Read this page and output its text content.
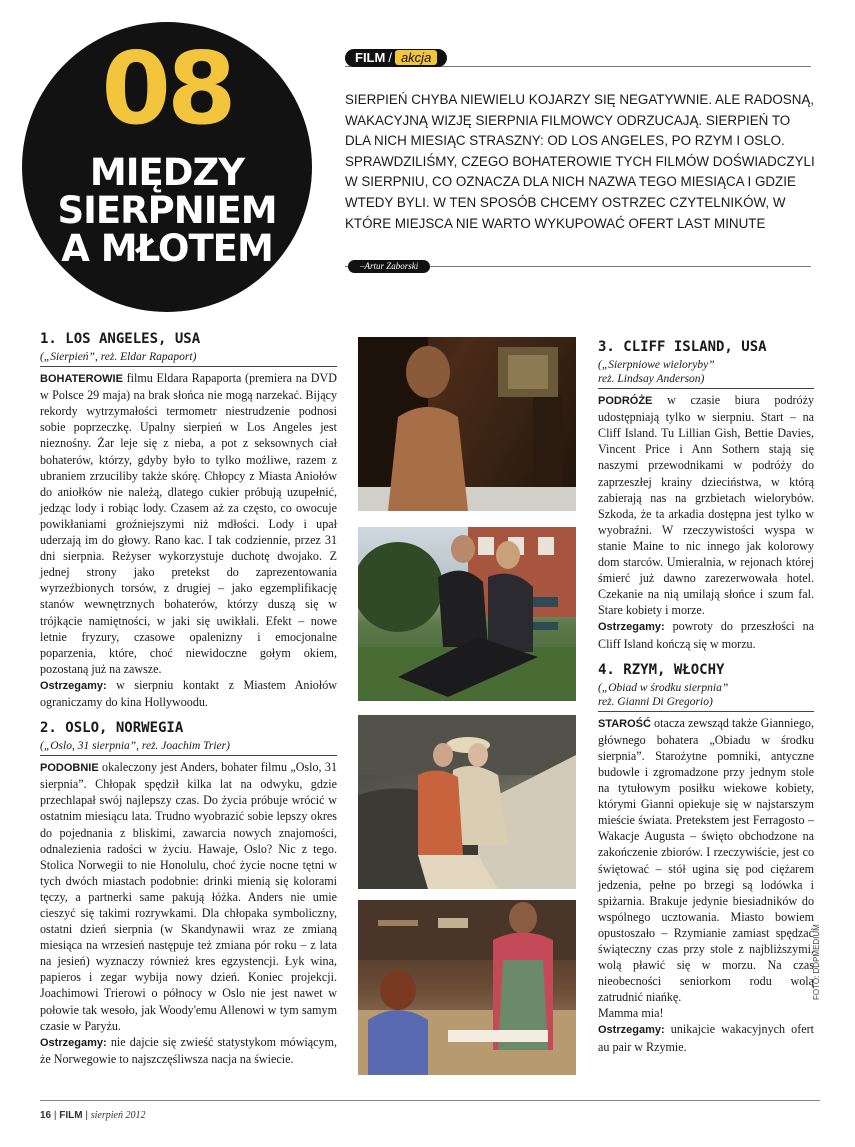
08
MIĘDZY
SIERPNIEM
A MŁOTEM
FILM / akcja
SIERPIEŃ CHYBA NIEWIELU KOJARZY SIĘ NEGATYWNIE. ALE RADOSNĄ, WAKACYJNĄ WIZJĘ SIERPNIA FILMOWCY ODRZUCAJĄ. SIERPIEŃ TO DLA NICH MIESIĄC STRASZNY: OD LOS ANGELES, PO RZYM I OSLO. SPRAWDZILIŚMY, CZEGO BOHATEROWIE TYCH FILMÓW DOŚWIADCZYLI W SIERPNIU, CO OZNACZA DLA NICH NAZWA TEGO MIESIĄCA I GDZIE WTEDY BYLI. W TEN SPOSÓB CHCEMY OSTRZEC CZYTELNIKÓW, W KTÓRE MIEJSCA NIE WARTO WYKUPOWAĆ OFERT LAST MINUTE
–Artur Zaborski
1. LOS ANGELES, USA
(„Sierpień”, reż. Eldar Rapaport)

BOHATEROWIE filmu Eldara Rapaporta (premiera na DVD w Polsce 29 maja) na brak słońca nie mogą narzekać. Bijący rekordy wytrzymałości termometr niestrudzenie podnosi sobie poprzeczkę. Upalny sierpień w Los Angeles jest nieznośny. Żar leje się z nieba, a pot z seksownych ciał bohaterów, którzy, gdyby było to tylko możliwe, razem z ubraniem zrzuciliby także skórę. Chłopcy z Miasta Aniołów do aniołków nie należą, dlatego cukier próbują uzupełnić, jedząc lody i robiąc lody. Czasem aż za często, co owocuje powikłaniami groźniejszymi niż mdłości. Lody i upał uderzają im do głowy. Rano kac. I tak codziennie, przez 31 dni sierpnia. Reżyser wykorzystuje duchotę dwojako. Z jednej strony jako pretekst do zaprezentowania wyrzeźbionych torsów, z drugiej – jako egzemplifikację stanów wewnętrznych bohaterów, którzy duszą się w trójkącie namiętności, w jaki się uwikłali. Efekt – nowe letnie fryzury, czasowe opalenizny i emocjonalne poparzenia, które, choć niewidoczne gołym okiem, pozostaną już na zawsze.

Ostrzegamy: w sierpniu kontakt z Miastem Aniołów ograniczamy do kina Hollywoodu.

2. OSLO, NORWEGIA
(„Oslo, 31 sierpnia”, reż. Joachim Trier)

PODOBNIE okaleczony jest Anders, bohater filmu „Oslo, 31 sierpnia”. Chłopak spędził kilka lat na odwyku, gdzie przechlapał swój najlepszy czas. Do życia próbuje wrócić w ostatnim miesiącu lata. Trudno wyobrazić sobie lepszy okres do pojednania z bliskimi, zawarcia nowych znajomości, odnalezienia radości w życiu. Hawaje, Oslo? Nic z tego. Stolica Norwegii to nie Honolulu, choć życie nocne tętni w tych dwóch miastach podobnie: drinki mienią się kolorami tęczy, a partnerki same pakują łóżka. Anders nie umie cieszyć się takimi rozrywkami. Dla chłopaka symboliczny, ostatni dzień sierpnia (w Skandynawii wraz ze zmianą miesiąca na wrzesień następuje też zmiana pór roku – z lata na jesień) wyznaczy również kres egzystencji. Łyk wina, papieros i zegar wybija nowy dzień. Koniec projekcji. Joachimowi Trierowi o północy w Oslo nie jest nawet w połowie tak wesoło, jak Woody'emu Allenowi w tym samym czasie w Paryżu.

Ostrzegamy: nie dajcie się zwieść statystykom mówiącym, że Norwegowie to najszczęśliwsza nacja na świecie.

3. CLIFF ISLAND, USA
(„Sierpniowe wieloryby”
reż. Lindsay Anderson)

PODRÓŻE w czasie biura podróży udostępniają tylko w sierpniu. Start – na Cliff Island. Tu Lillian Gish, Bettie Davies, Vincent Price i Ann Sothern stają się naszymi przewodnikami w podróży do zaprzeszłej krainy dzieciństwa, w którą zabierają nas na grzbietach wielorybów. Szkoda, że ta arkadia dostępna jest tylko w wyobraźni. W rzeczywistości wyspa w stanie Maine to nic innego jak kolorowy dom starców. Umieralnia, w rejonach której śmierć już dawno zarezerwowała hotel. Czekanie na nią umilają słońce i szum fal. Stare kobiety i morze.

Ostrzegamy: powroty do przeszłości na Cliff Island kończą się w morzu.

4. RZYM, WŁOCHY
(„Obiad w środku sierpnia”
reż. Gianni Di Gregorio)

STAROŚĆ otacza zewsząd także Gianniego, głównego bohatera „Obiadu w środku sierpnia”. Starożytne pomniki, antyczne budowle i zgromadzone przy jednym stole na tytułowym posiłku wiekowe kobiety, którymi Gianni opiekuje się w najstarszym mieście świata. Pretekstem jest Ferragosto – Wakacje Augusta – święto obchodzone na zakończenie zbiorów. I rzeczywiście, jest co świętować – stół ugina się pod ciężarem jedzenia, pełne po brzegi są lodówka i spiżarnia. Brakuje jedynie biesiadników do wspólnego ucztowania. Miasto bowiem opustoszało – Rzymianie zamiast spędzać świąteczny czas przy stole z najbliższymi, wolą pławić się w morzu. Na czas nieobecności seniorkom rodu wolą zatrudnić niańkę.

Mamma mia!

Ostrzegamy: unikajcie wakacyjnych ofert au pair w Rzymie.

FOTO: DDPMEDIUM
16 | FILM | sierpień 2012
